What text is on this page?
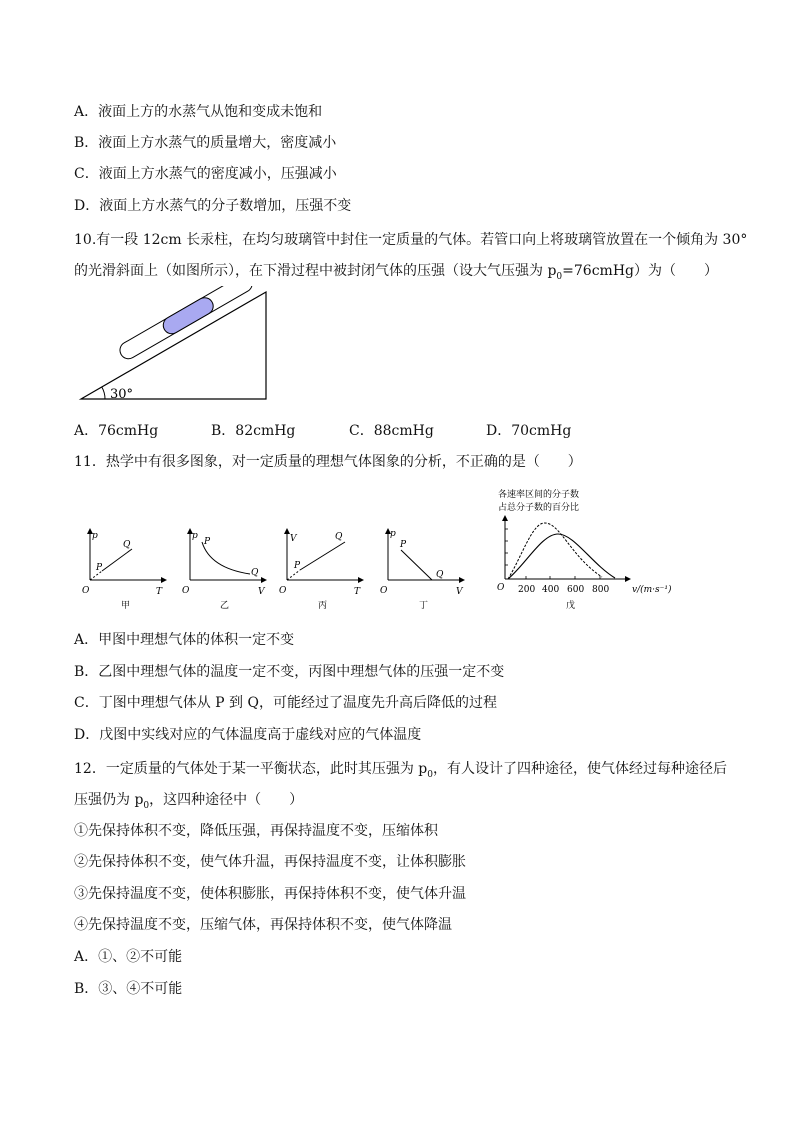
A．液面上方的水蒸气从饱和变成未饱和
B．液面上方水蒸气的质量增大，密度减小
C．液面上方水蒸气的密度减小，压强减小
D．液面上方水蒸气的分子数增加，压强不变
10.有一段 12cm 长汞柱，在均匀玻璃管中封住一定质量的气体。若管口向上将玻璃管放置在一个倾角为 30°
的光滑斜面上（如图所示），在下滑过程中被封闭气体的压强（设大气压强为 $p_0=76cmHg$）为（　　）
30°
A．76cmHg	B．82cmHg	C．88cmHg	D．70cmHg
11．热学中有很多图象，对一定质量的理想气体图象的分析，不正确的是（　　）
p
T
O
P
Q
甲
p
V
O
P
Q
乙
V
T
O
P
Q
丙
p
V
O
P
Q
丁
各速率区间的分子数
占总分子数的百分比
O 200 400 600 800	v/(m·s⁻¹)
戊
A．甲图中理想气体的体积一定不变
B．乙图中理想气体的温度一定不变，丙图中理想气体的压强一定不变
C．丁图中理想气体从 P 到 Q，可能经过了温度先升高后降低的过程
D．戊图中实线对应的气体温度高于虚线对应的气体温度
12．一定质量的气体处于某一平衡状态，此时其压强为 $p_0$，有人设计了四种途径，使气体经过每种途径后
压强仍为 $p_0$，这四种途径中（　　）
①先保持体积不变，降低压强，再保持温度不变，压缩体积
②先保持体积不变，使气体升温，再保持温度不变，让体积膨胀
③先保持温度不变，使体积膨胀，再保持体积不变，使气体升温
④先保持温度不变，压缩气体，再保持体积不变，使气体降温
A．①、②不可能
B．③、④不可能
